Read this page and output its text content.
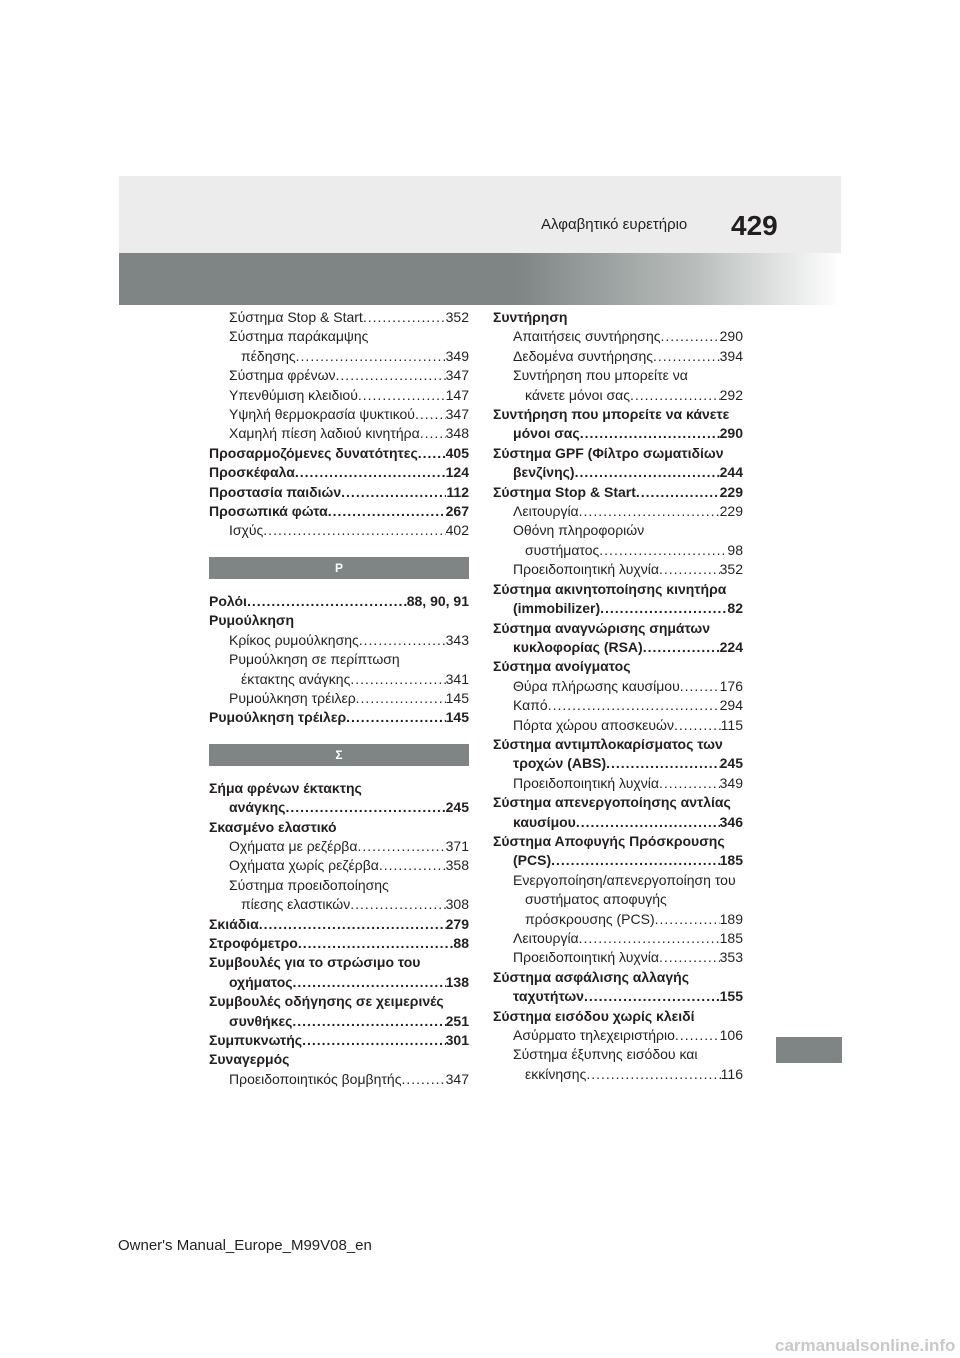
Αλφαβητικό ευρετήριο 429
Σύστημα Stop & Start .....	352
Σύστημα παράκαμψης
πέδησης .....	349
Σύστημα φρένων .....	347
Υπενθύμιση κλειδιού .....	147
Υψηλή θερμοκρασία ψυκτικού ..... 347
Χαμηλή πίεση λαδιού κινητήρα ..... 348
Προσαρμοζόμενες δυνατότητες ..... 405
Προσκέφαλα .....	124
Προστασία παιδιών .....	112
Προσωπικά φώτα .....	267
Ισχύς .....	402
Ρ
Ρολόι .....	88, 90, 91
Ρυμούλκηση
Κρίκος ρυμούλκησης .....	343
Ρυμούλκηση σε περίπτωση
έκτακτης ανάγκης .....	341
Ρυμούλκηση τρέιλερ .....	145
Ρυμούλκηση τρέιλερ .....	145
Σ
Σήμα φρένων έκτακτης
ανάγκης .....	245
Σκασμένο ελαστικό
Οχήματα με ρεζέρβα .....	371
Οχήματα χωρίς ρεζέρβα .....	358
Σύστημα προειδοποίησης
πίεσης ελαστικών .....	308
Σκιάδια .....	279
Στροφόμετρο .....	88
Συμβουλές για το στρώσιμο του
οχήματος .....	138
Συμβουλές οδήγησης σε χειμερινές
συνθήκες .....	251
Συμπυκνωτής .....	301
Συναγερμός
Προειδοποιητικός βομβητής .....	347
Συντήρηση
Απαιτήσεις συντήρησης .....	290
Δεδομένα συντήρησης .....	394
Συντήρηση που μπορείτε να
κάνετε μόνοι σας .....	292
Συντήρηση που μπορείτε να κάνετε
μόνοι σας .....	290
Σύστημα GPF (Φίλτρο σωματιδίων
βενζίνης) .....	244
Σύστημα Stop & Start .....	229
Λειτουργία .....	229
Οθόνη πληροφοριών
συστήματος .....	98
Προειδοποιητική λυχνία .....	352
Σύστημα ακινητοποίησης κινητήρα
(immobilizer) .....	82
Σύστημα αναγνώρισης σημάτων
κυκλοφορίας (RSA) .....	224
Σύστημα ανοίγματος
Θύρα πλήρωσης καυσίμου .....	176
Καπό .....	294
Πόρτα χώρου αποσκευών .....	115
Σύστημα αντιμπλοκαρίσματος των
τροχών (ABS) .....	245
Προειδοποιητική λυχνία .....	349
Σύστημα απενεργοποίησης αντλίας
καυσίμου .....	346
Σύστημα Αποφυγής Πρόσκρουσης
(PCS) .....	185
Ενεργοποίηση/απενεργοποίηση του
συστήματος αποφυγής
πρόσκρουσης (PCS) .....	189
Λειτουργία .....	185
Προειδοποιητική λυχνία .....	353
Σύστημα ασφάλισης αλλαγής
ταχυτήτων .....	155
Σύστημα εισόδου χωρίς κλειδί
Ασύρματο τηλεχειριστήριο .....	106
Σύστημα έξυπνης εισόδου και
εκκίνησης .....	116
Owner's Manual_Europe_M99V08_en
carmanualsonline.info
